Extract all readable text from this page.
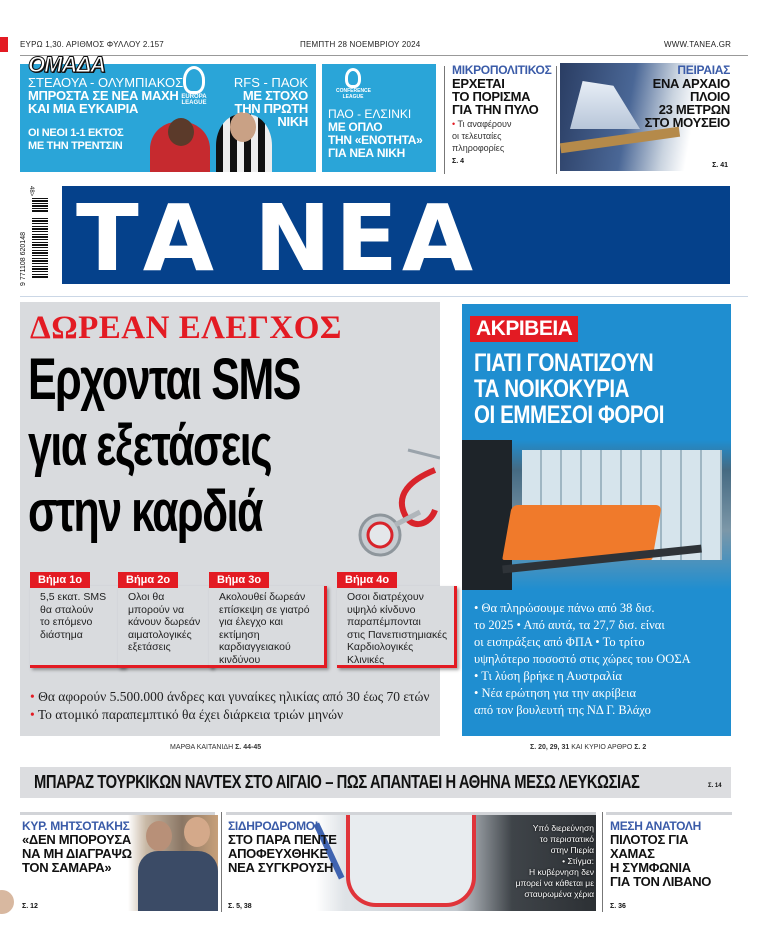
ΕΥΡΩ 1,30. ΑΡΙΘΜΟΣ ΦΥΛΛΟΥ 2.157	ΠΕΜΠΤΗ 28 ΝΟΕΜΒΡΙΟΥ 2024	WWW.TANEA.GR
ΟΜΑΔΑ
ΣΤΕΑΟΥΑ - ΟΛΥΜΠΙΑΚΟΣ
ΜΠΡΟΣΤΑ ΣΕ ΝΕΑ ΜΑΧΗ
ΚΑΙ ΜΙΑ ΕΥΚΑΙΡΙΑ
ΟΙ ΝΕΟΙ 1-1 ΕΚΤΟΣ
ΜΕ ΤΗΝ ΤΡΕΝΤΣΙΝ
EUROPA LEAGUE
RFS - ΠΑΟΚ
ΜΕ ΣΤΟΧΟ
ΤΗΝ ΠΡΩΤΗ
ΝΙΚΗ
CONFERENCE LEAGUE
ΠΑΟ - ΕΛΣΙΝΚΙ
ΜΕ ΟΠΛΟ
ΤΗΝ «ΕΝΟΤΗΤΑ»
ΓΙΑ ΝΕΑ ΝΙΚΗ
ΜΙΚΡΟΠΟΛΙΤΙΚΟΣ
ΕΡΧΕΤΑΙ
ΤΟ ΠΟΡΙΣΜΑ
ΓΙΑ ΤΗΝ ΠΥΛΟ
• Τι αναφέρουν
οι τελευταίες
πληροφορίες
Σ. 4
ΠΕΙΡΑΙΑΣ
ΕΝΑ ΑΡΧΑΙΟ
ΠΛΟΙΟ
23 ΜΕΤΡΩΝ
ΣΤΟ ΜΟΥΣΕΙΟ
Σ. 41
48>
9 771108 620148 ΤΑ ΝΕΑ
ΔΩΡΕΑΝ ΕΛΕΓΧΟΣ
Ερχονται SMS
για εξετάσεις
στην καρδιά
Βήμα 1ο
5,5 εκατ. SMS
θα σταλούν
το επόμενο
διάστημα
Βήμα 2ο
Ολοι θα
μπορούν να
κάνουν δωρεάν
αιματολογικές
εξετάσεις
Βήμα 3ο
Ακολουθεί δωρεάν
επίσκεψη σε γιατρό
για έλεγχο και εκτίμηση
καρδιαγγειακού
κινδύνου
Βήμα 4ο
Οσοι διατρέχουν
υψηλό κίνδυνο
παραπέμπονται
στις Πανεπιστημιακές
Καρδιολογικές Κλινικές
• Θα αφορούν 5.500.000 άνδρες και γυναίκες ηλικίας από 30 έως 70 ετών • Το ατομικό παραπεμπτικό θα έχει διάρκεια τριών μηνών
ΜΑΡΘΑ ΚΑΙΤΑΝΙΔΗ Σ. 44-45
ΑΚΡΙΒΕΙΑ
ΓΙΑΤΙ ΓΟΝΑΤΙΖΟΥΝ
ΤΑ ΝΟΙΚΟΚΥΡΙΑ
ΟΙ ΕΜΜΕΣΟΙ ΦΟΡΟΙ
• Θα πληρώσουμε πάνω από 38 δισ.
το 2025 • Από αυτά, τα 27,7 δισ. είναι
οι εισπράξεις από ΦΠΑ • Το τρίτο
υψηλότερο ποσοστό στις χώρες του ΟΟΣΑ
• Τι λύση βρήκε η Αυστραλία
• Νέα ερώτηση για την ακρίβεια
από τον βουλευτή της ΝΔ Γ. Βλάχο
Σ. 20, 29, 31 ΚΑΙ ΚΥΡΙΟ ΑΡΘΡΟ Σ. 2
ΜΠΑΡΑΖ ΤΟΥΡΚΙΚΩΝ NAVTEX ΣΤΟ ΑΙΓΑΙΟ – ΠΩΣ ΑΠΑΝΤΑΕΙ Η ΑΘΗΝΑ ΜΕΣΩ ΛΕΥΚΩΣΙΑΣ	Σ. 14
ΚΥΡ. ΜΗΤΣΟΤΑΚΗΣ
«ΔΕΝ ΜΠΟΡΟΥΣΑ
ΝΑ ΜΗ ΔΙΑΓΡΑΨΩ
ΤΟΝ ΣΑΜΑΡΑ»
Σ. 12
ΣΙΔΗΡΟΔΡΟΜΟΙ
ΣΤΟ ΠΑΡΑ ΠΕΝΤΕ
ΑΠΟΦΕΥΧΘΗΚΕ
ΝΕΑ ΣΥΓΚΡΟΥΣΗ
Υπό διερεύνηση
το περιστατικό
στην Πιερία
• Στίγμα:
Η κυβέρνηση δεν
μπορεί να κάθεται με
σταυρωμένα χέρια
Σ. 5, 38
ΜΕΣΗ ΑΝΑΤΟΛΗ
ΠΙΛΟΤΟΣ ΓΙΑ ΧΑΜΑΣ
Η ΣΥΜΦΩΝΙΑ
ΓΙΑ ΤΟΝ ΛΙΒΑΝΟ
Σ. 36
